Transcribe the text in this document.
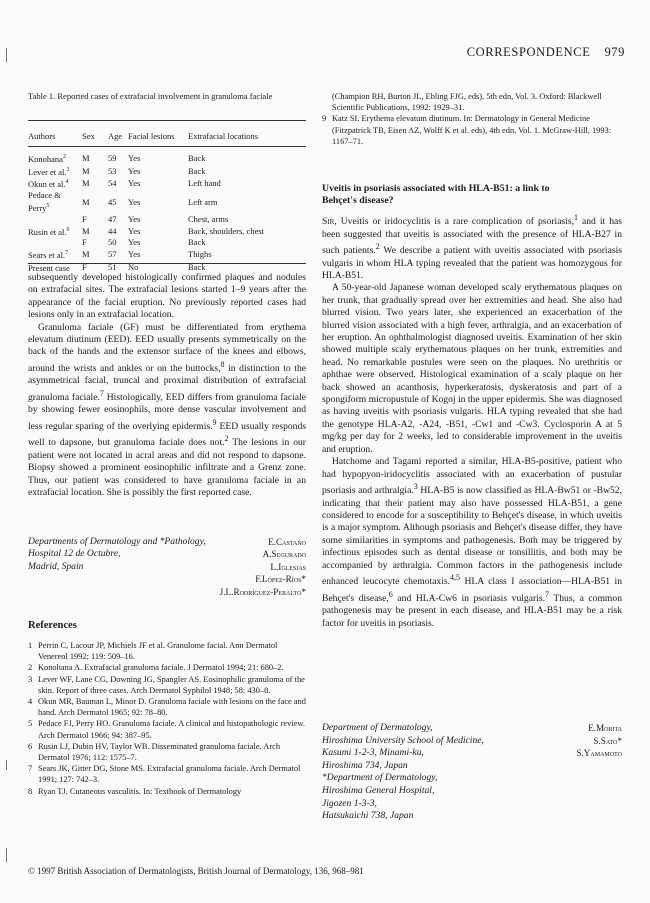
CORRESPONDENCE 979
Table 1. Reported cases of extrafacial involvement in granuloma faciale
Authors	Sex	Age	Facial lesions	Extrafacial locations
Konohana$^2$	M	59	Yes	Back
Lever et al.$^3$	M	53	Yes	Back
Okun et al.$^4$	M	54	Yes	Left hand
Pedace & Perry$^5$	M	45	Yes	Left arm
	F	47	Yes	Chest, arms
Rusin et al.$^6$	M	44	Yes	Back, shoulders, chest
	F	50	Yes	Back
Sears et al.$^7$	M	57	Yes	Thighs
Present case	F	51	No	Back

subsequently developed histologically confirmed plaques and nodules on extrafacial sites. The extrafacial lesions started 1–9 years after the appearance of the facial eruption. No previously reported cases had lesions only in an extrafacial location.

Granuloma faciale (GF) must be differentiated from erythema elevatum diutinum (EED). EED usually presents symmetrically on the back of the hands and the extensor surface of the knees and elbows, around the wrists and ankles or on the buttocks,$^8$ in distinction to the asymmetrical facial, truncal and proximal distribution of extrafacial granuloma faciale.$^7$ Histologically, EED differs from granuloma faciale by showing fewer eosinophils, more dense vascular involvement and less regular sparing of the overlying epidermis.$^9$ EED usually responds well to dapsone, but granuloma faciale does not.$^2$ The lesions in our patient were not located in acral areas and did not respond to dapsone. Biopsy showed a prominent eosinophilic infiltrate and a Grenz zone. Thus, our patient was considered to have granuloma faciale in an extrafacial location. She is possibly the first reported case.

Departments of Dermatology and *Pathology,
Hospital 12 de Octubre,
Madrid, Spain
E.Castaño
A.Segurado
L.Iglesias
F.López-Ríos*
J.L.Rodríguez-Peralto*
References
1 Perrin C, Lacour JP, Michiels JF et al. Granulome facial. Ann Dermatol Venereol 1992; 119: 509–16.
2 Konohana A. Extrafacial granuloma faciale. J Dermatol 1994; 21: 680–2.
3 Lever WF, Lane CG, Downing JG, Spangler AS. Eosinophilic granuloma of the skin. Report of three cases. Arch Dermatol Syphilol 1948; 58: 430–8.
4 Okun MR, Bauman L, Minor D. Granuloma faciale with lesions on the face and hand. Arch Dermatol 1965; 92: 78–80.
5 Pedace FJ, Perry HO. Granuloma faciale. A clinical and histopathologic review. Arch Dermatol 1966; 94: 387–95.
6 Rusin LJ, Dubin HV, Taylor WB. Disseminated granuloma faciale. Arch Dermatol 1976; 112: 1575–7.
7 Sears JK, Gitter DG, Stone MS. Extrafacial granuloma faciale. Arch Dermatol 1991; 127: 742–3.
8 Ryan TJ. Cutaneous vasculitis. In: Textbook of Dermatology
(Champion RH, Burton JL, Ebling FJG, eds), 5th edn, Vol. 3. Oxford: Blackwell Scientific Publications, 1992: 1929–31.
9 Katz SI. Erythema elevatum diutinum. In: Dermatology in General Medicine (Fitzpatrick TB, Eisen AZ, Wolff K et al. eds), 4th edn, Vol. 1. McGraw-Hill, 1993: 1167–71.
Uveitis in psoriasis associated with HLA-B51: a link to Behçet's disease?

Sir, Uveitis or iridocyclitis is a rare complication of psoriasis,$^1$ and it has been suggested that uveitis is associated with the presence of HLA-B27 in such patients.$^2$ We describe a patient with uveitis associated with psoriasis vulgaris in whom HLA typing revealed that the patient was homozygous for HLA-B51.

A 50-year-old Japanese woman developed scaly erythematous plaques on her trunk, that gradually spread over her extremities and head. She also had blurred vision. Two years later, she experienced an exacerbation of the blurred vision associated with a high fever, arthralgia, and an exacerbation of her eruption. An ophthalmologist diagnosed uveitis. Examination of her skin showed multiple scaly erythematous plaques on her trunk, extremities and head. No remarkable pustules were seen on the plaques. No urethritis or aphthae were observed. Histological examination of a scaly plaque on her back showed an acanthosis, hyperkeratosis, dyskeratosis and part of a spongiform micropustule of Kogoj in the upper epidermis. She was diagnosed as having uveitis with psoriasis vulgaris. HLA typing revealed that she had the genotype HLA-A2, -A24, -B51, -Cw1 and -Cw3. Cyclosporin A at 5 mg/kg per day for 2 weeks, led to considerable improvement in the uveitis and eruption.

Hatchome and Tagami reported a similar, HLA-B5-positive, patient who had hypopyon-iridocyclitis associated with an exacerbation of pustular psoriasis and arthralgia.$^3$ HLA-B5 is now classified as HLA-Bw51 or -Bw52, indicating that their patient may also have possessed HLA-B51, a gene considered to encode for a susceptibility to Behçet's disease, in which uveitis is a major symptom. Although psoriasis and Behçet's disease differ, they have some similarities in symptoms and pathogenesis. Both may be triggered by infectious episodes such as dental disease or tonsillitis, and both may be accompanied by arthralgia. Common factors in the pathogenesis include enhanced leucocyte chemotaxis.$^{4,5}$ HLA class I association—HLA-B51 in Behçet's disease,$^6$ and HLA-Cw6 in psoriasis vulgaris.$^7$ Thus, a common pathogenesis may be present in each disease, and HLA-B51 may be a risk factor for uveitis in psoriasis.

Department of Dermatology,
Hiroshima University School of Medicine,
Kasumi 1-2-3, Minami-ku,
Hiroshima 734, Japan
*Department of Dermatology,
Hiroshima General Hospital,
Jigozen 1-3-3,
Hatsukaichi 738, Japan
E.Morita
S.Sato*
S.Yamamoto
© 1997 British Association of Dermatologists, British Journal of Dermatology, 136, 968–981
